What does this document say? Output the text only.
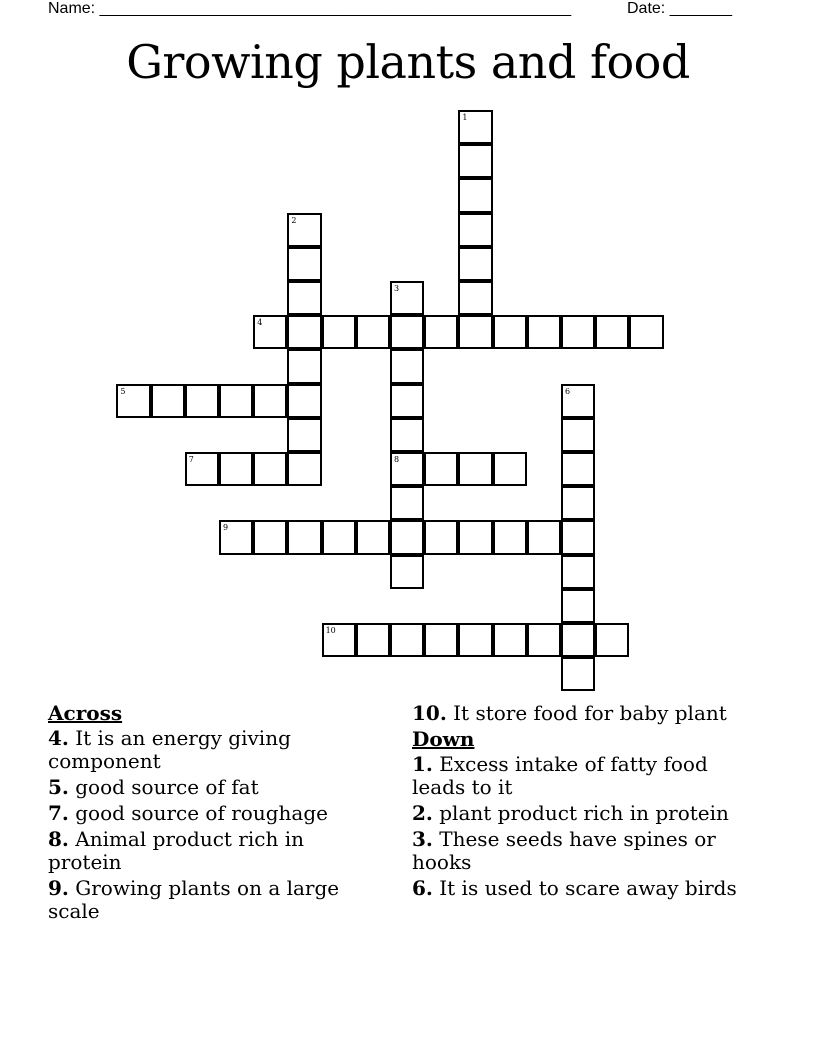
Name: _____________________________________________________	Date: _______
Growing plants and food
1
2
3
8
4
5	6
7
9
10
Across
4. It is an energy giving component
5. good source of fat
7. good source of roughage
8. Animal product rich in protein
9. Growing plants on a large scale
10. It store food for baby plant
Down
1. Excess intake of fatty food leads to it
2. plant product rich in protein
3. These seeds have spines or hooks
6. It is used to scare away birds
